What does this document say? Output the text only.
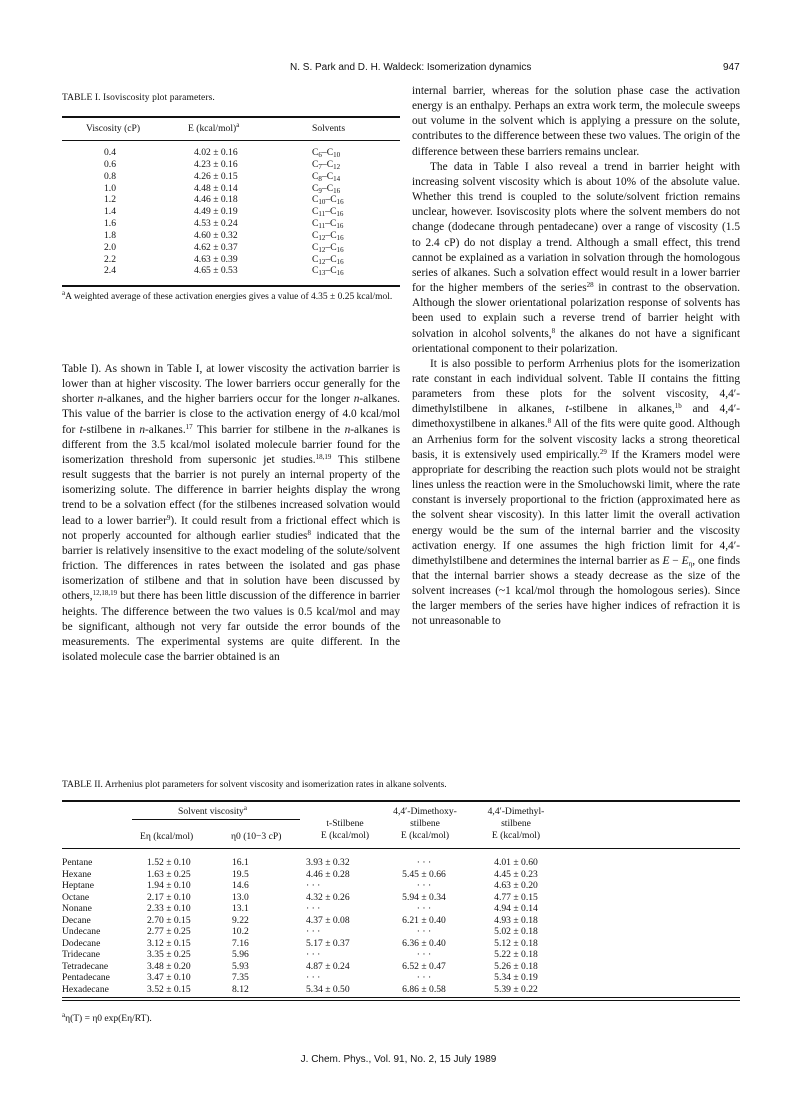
N. S. Park and D. H. Waldeck: Isomerization dynamics	947
TABLE I. Isoviscosity plot parameters.
Viscosity (cP)	E (kcal/mol)$^a$	Solvents
0.4	4.02 ± 0.16	$C_6-C_{10}$
0.6	4.23 ± 0.16	$C_7-C_{12}$
0.8	4.26 ± 0.15	$C_8-C_{14}$
1.0	4.48 ± 0.14	$C_9-C_{16}$
1.2	4.46 ± 0.18	$C_{10}-C_{16}$
1.4	4.49 ± 0.19	$C_{11}-C_{16}$
1.6	4.53 ± 0.24	$C_{11}-C_{16}$
1.8	4.60 ± 0.32	$C_{12}-C_{16}$
2.0	4.62 ± 0.37	$C_{12}-C_{16}$
2.2	4.63 ± 0.39	$C_{12}-C_{16}$
2.4	4.65 ± 0.53	$C_{13}-C_{16}$
$^a$A weighted average of these activation energies gives a value of 4.35 ± 0.25 kcal/mol.

Table I). As shown in Table I, at lower viscosity the activation barrier is lower than at higher viscosity. The lower barriers occur generally for the shorter n-alkanes, and the higher barriers occur for the longer n-alkanes. This value of the barrier is close to the activation energy of 4.0 kcal/mol for t-stilbene in n-alkanes.$^{17}$ This barrier for stilbene in the n-alkanes is different from the 3.5 kcal/mol isolated molecule barrier found for the isomerization threshold from supersonic jet studies.$^{18,19}$ This stilbene result suggests that the barrier is not purely an internal property of the isomerizing solute. The difference in barrier heights display the wrong trend to be a solvation effect (for the stilbenes increased solvation would lead to a lower barrier$^9$). It could result from a frictional effect which is not properly accounted for although earlier studies$^8$ indicated that the barrier is relatively insensitive to the exact modeling of the solute/solvent friction. The differences in rates between the isolated and gas phase isomerization of stilbene and that in solution have been discussed by others,$^{12,18,19}$ but there has been little discussion of the difference in barrier heights. The difference between the two values is 0.5 kcal/mol and may be significant, although not very far outside the error bounds of the measurements. The experimental systems are quite different. In the isolated molecule case the barrier obtained is an

internal barrier, whereas for the solution phase case the activation energy is an enthalpy. Perhaps an extra work term, the molecule sweeps out volume in the solvent which is applying a pressure on the solute, contributes to the difference between these two values. The origin of the difference between these barriers remains unclear.

The data in Table I also reveal a trend in barrier height with increasing solvent viscosity which is about 10% of the absolute value. Whether this trend is coupled to the solute/solvent friction remains unclear, however. Isoviscosity plots where the solvent members do not change (dodecane through pentadecane) over a range of viscosity (1.5 to 2.4 cP) do not display a trend. Although a small effect, this trend cannot be explained as a variation in solvation through the homologous series of alkanes. Such a solvation effect would result in a lower barrier for the higher members of the series$^{28}$ in contrast to the observation. Although the slower orientational polarization response of solvents has been used to explain such a reverse trend of barrier height with solvation in alcohol solvents,$^8$ the alkanes do not have a significant orientational component to their polarization.

It is also possible to perform Arrhenius plots for the isomerization rate constant in each individual solvent. Table II contains the fitting parameters from these plots for the solvent viscosity, 4,4′-dimethylstilbene in alkanes, t-stilbene in alkanes,$^{1b}$ and 4,4′-dimethoxystilbene in alkanes.$^8$ All of the fits were quite good. Although an Arrhenius form for the solvent viscosity lacks a strong theoretical basis, it is extensively used empirically.$^{29}$ If the Kramers model were appropriate for describing the reaction such plots would not be straight lines unless the reaction were in the Smoluchowski limit, where the rate constant is inversely proportional to the friction (approximated here as the solvent shear viscosity). In this latter limit the overall activation energy would be the sum of the internal barrier and the viscosity activation energy. If one assumes the high friction limit for 4,4′-dimethylstilbene and determines the internal barrier as $E - E_\eta$, one finds that the internal barrier shows a steady decrease as the size of the solvent increases (~1 kcal/mol through the homologous series). Since the larger members of the series have higher indices of refraction it is not unreasonable to

TABLE II. Arrhenius plot parameters for solvent viscosity and isomerization rates in alkane solvents.
Solvent viscosity$^a$
Eη (kcal/mol)	η0 (10−3 cP)
t-Stilbene
E (kcal/mol)
4,4′-Dimethoxy-
stilbene
E (kcal/mol)
4,4′-Dimethyl-
stilbene
E (kcal/mol)
Pentane	1.52 ± 0.10	16.1	3.93 ± 0.32	· · ·	4.01 ± 0.60
Hexane	1.63 ± 0.25	19.5	4.46 ± 0.28	5.45 ± 0.66	4.45 ± 0.23
Heptane	1.94 ± 0.10	14.6	· · ·	· · ·	4.63 ± 0.20
Octane	2.17 ± 0.10	13.0	4.32 ± 0.26	5.94 ± 0.34	4.77 ± 0.15
Nonane	2.33 ± 0.10	13.1	· · ·	· · ·	4.94 ± 0.14
Decane	2.70 ± 0.15	9.22	4.37 ± 0.08	6.21 ± 0.40	4.93 ± 0.18
Undecane	2.77 ± 0.25	10.2	· · ·	· · ·	5.02 ± 0.18
Dodecane	3.12 ± 0.15	7.16	5.17 ± 0.37	6.36 ± 0.40	5.12 ± 0.18
Tridecane	3.35 ± 0.25	5.96	· · ·	· · ·	5.22 ± 0.18
Tetradecane	3.48 ± 0.20	5.93	4.87 ± 0.24	6.52 ± 0.47	5.26 ± 0.18
Pentadecane	3.47 ± 0.10	7.35	· · ·	· · ·	5.34 ± 0.19
Hexadecane	3.52 ± 0.15	8.12	5.34 ± 0.50	6.86 ± 0.58	5.39 ± 0.22
$^a$η(T) = η0 exp(Eη/RT).
J. Chem. Phys., Vol. 91, No. 2, 15 July 1989
